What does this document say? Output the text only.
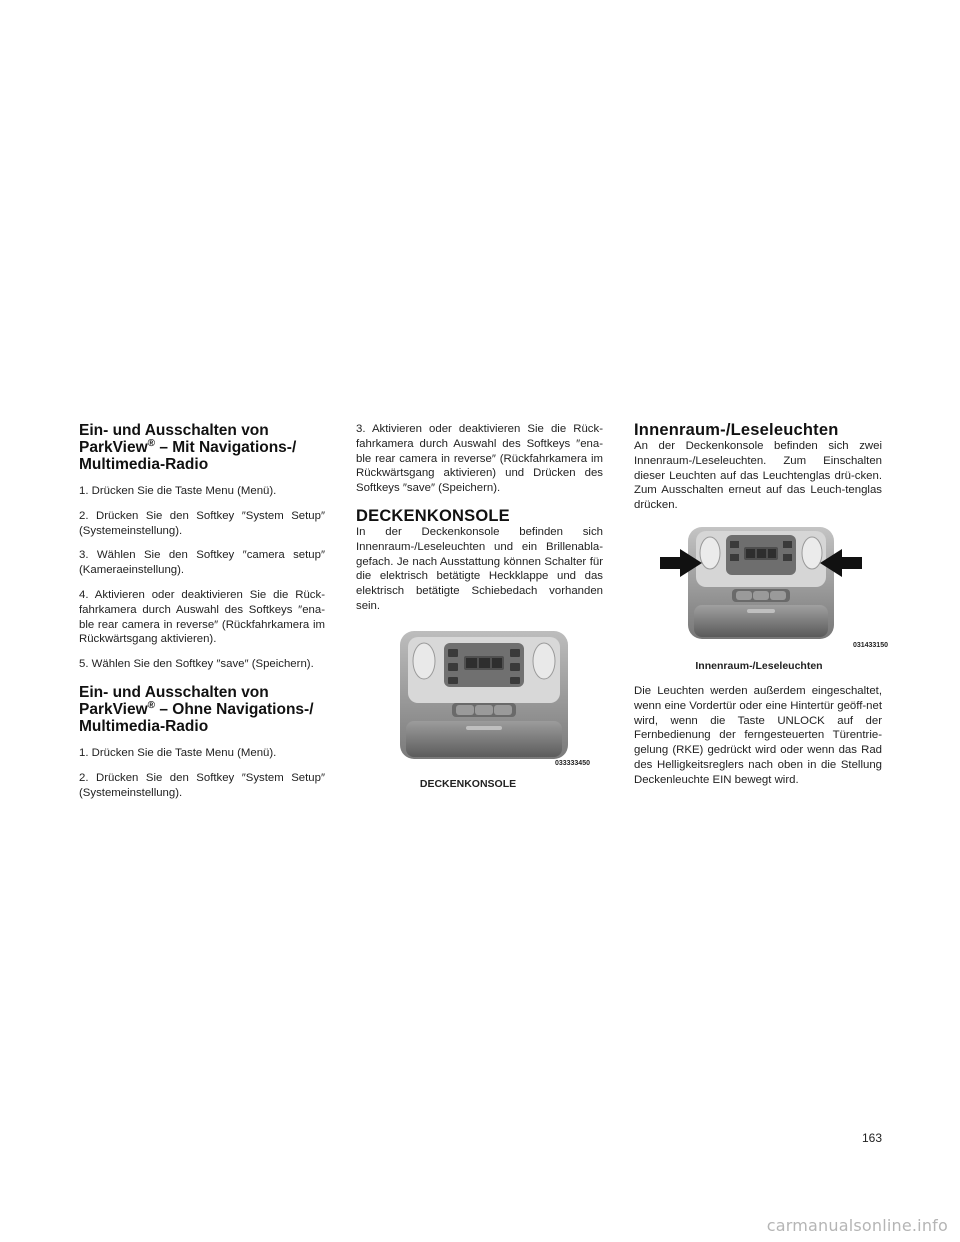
Ein- und Ausschalten von
ParkView® – Mit Navigations-/
Multimedia-Radio

1. Drücken Sie die Taste Menu (Menü).

2. Drücken Sie den Softkey ″System Setup″ (Systemeinstellung).

3. Wählen Sie den Softkey ″camera setup″ (Kameraeinstellung).

4. Aktivieren oder deaktivieren Sie die Rück-fahrkamera durch Auswahl des Softkeys ″ena-ble rear camera in reverse″ (Rückfahrkamera im Rückwärtsgang aktivieren).

5. Wählen Sie den Softkey ″save″ (Speichern).

Ein- und Ausschalten von
ParkView® – Ohne Navigations-/
Multimedia-Radio

1. Drücken Sie die Taste Menu (Menü).

2. Drücken Sie den Softkey ″System Setup″ (Systemeinstellung).

3. Aktivieren oder deaktivieren Sie die Rück-fahrkamera durch Auswahl des Softkeys ″ena-ble rear camera in reverse″ (Rückfahrkamera im Rückwärtsgang aktivieren) und Drücken des Softkeys ″save″ (Speichern).

DECKENKONSOLE

In der Deckenkonsole befinden sich Innenraum-/Leseleuchten und ein Brillenabla-gefach. Je nach Ausstattung können Schalter für die elektrisch betätigte Heckklappe und das elektrisch betätigte Schiebedach vorhanden sein.

033333450
DECKENKONSOLE
Innenraum-/Leseleuchten

An der Deckenkonsole befinden sich zwei Innenraum-/Leseleuchten. Zum Einschalten dieser Leuchten auf das Leuchtenglas drü-cken. Zum Ausschalten erneut auf das Leuch-tenglas drücken.

031433150
Innenraum-/Leseleuchten

Die Leuchten werden außerdem eingeschaltet, wenn eine Vordertür oder eine Hintertür geöff-net wird, wenn die Taste UNLOCK auf der Fernbedienung der ferngesteuerten Türentrie-gelung (RKE) gedrückt wird oder wenn das Rad des Helligkeitsreglers nach oben in die Stellung Deckenleuchte EIN bewegt wird.

163
carmanualsonline.info
